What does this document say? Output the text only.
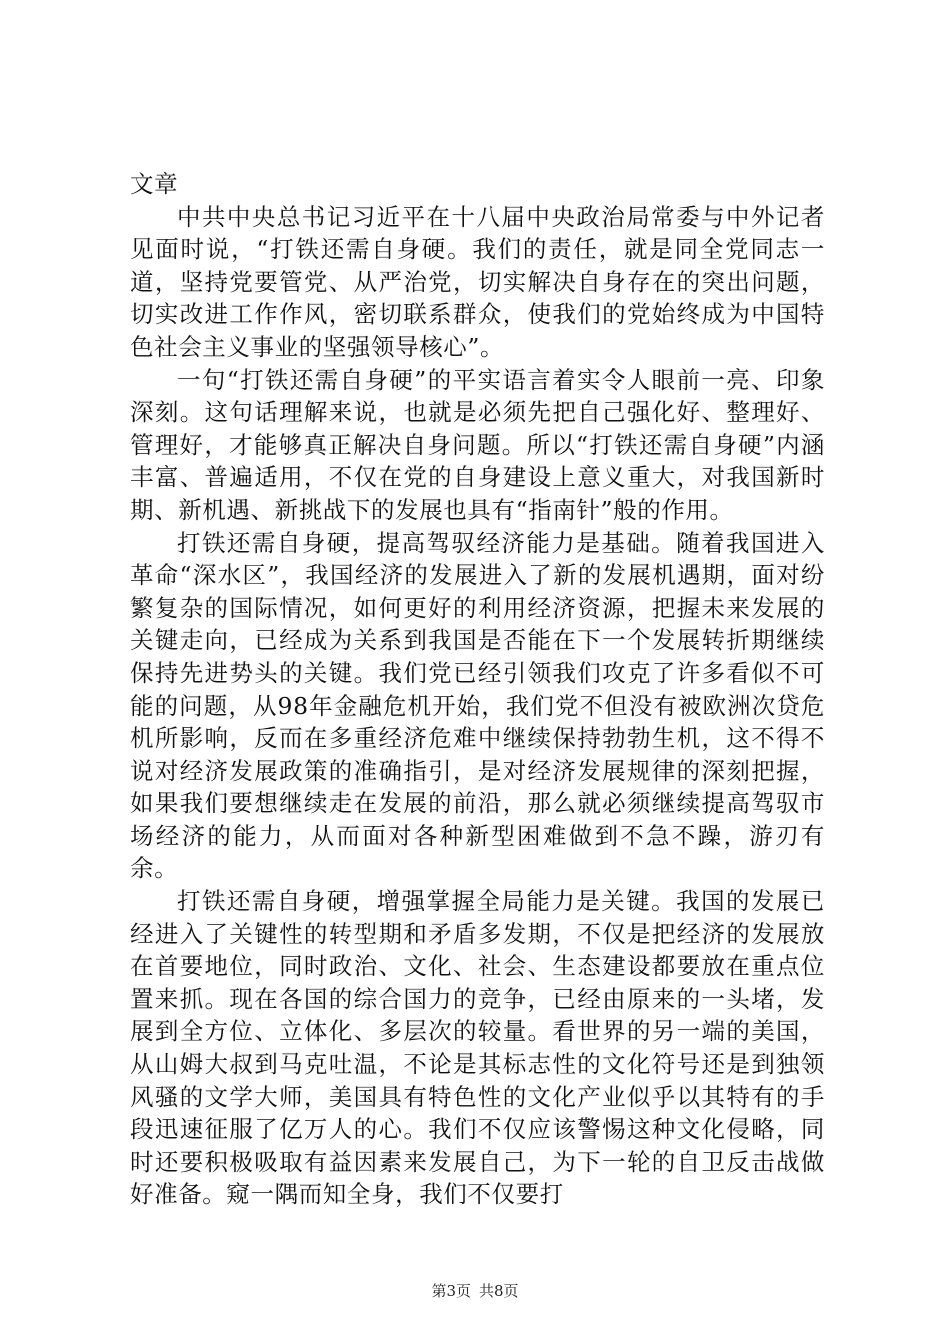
文章

中共中央总书记习近平在十八届中央政治局常委与中外记者见面时说，“打铁还需自身硬。我们的责任，就是同全党同志一道，坚持党要管党、从严治党，切实解决自身存在的突出问题，切实改进工作作风，密切联系群众，使我们的党始终成为中国特色社会主义事业的坚强领导核心”。

一句“打铁还需自身硬”的平实语言着实令人眼前一亮、印象深刻。这句话理解来说，也就是必须先把自己强化好、整理好、管理好，才能够真正解决自身问题。所以“打铁还需自身硬”内涵丰富、普遍适用，不仅在党的自身建设上意义重大，对我国新时期、新机遇、新挑战下的发展也具有“指南针”般的作用。

打铁还需自身硬，提高驾驭经济能力是基础。随着我国进入革命“深水区”，我国经济的发展进入了新的发展机遇期，面对纷繁复杂的国际情况，如何更好的利用经济资源，把握未来发展的关键走向，已经成为关系到我国是否能在下一个发展转折期继续保持先进势头的关键。我们党已经引领我们攻克了许多看似不可能的问题，从98年金融危机开始，我们党不但没有被欧洲次贷危机所影响，反而在多重经济危难中继续保持勃勃生机，这不得不说对经济发展政策的准确指引，是对经济发展规律的深刻把握，如果我们要想继续走在发展的前沿，那么就必须继续提高驾驭市场经济的能力，从而面对各种新型困难做到不急不躁，游刃有余。

打铁还需自身硬，增强掌握全局能力是关键。我国的发展已经进入了关键性的转型期和矛盾多发期，不仅是把经济的发展放在首要地位，同时政治、文化、社会、生态建设都要放在重点位置来抓。现在各国的综合国力的竞争，已经由原来的一头堵，发展到全方位、立体化、多层次的较量。看世界的另一端的美国，从山姆大叔到马克吐温，不论是其标志性的文化符号还是到独领风骚的文学大师，美国具有特色性的文化产业似乎以其特有的手段迅速征服了亿万人的心。我们不仅应该警惕这种文化侵略，同时还要积极吸取有益因素来发展自己，为下一轮的自卫反击战做好准备。窥一隅而知全身，我们不仅要打

第3页 共8页
